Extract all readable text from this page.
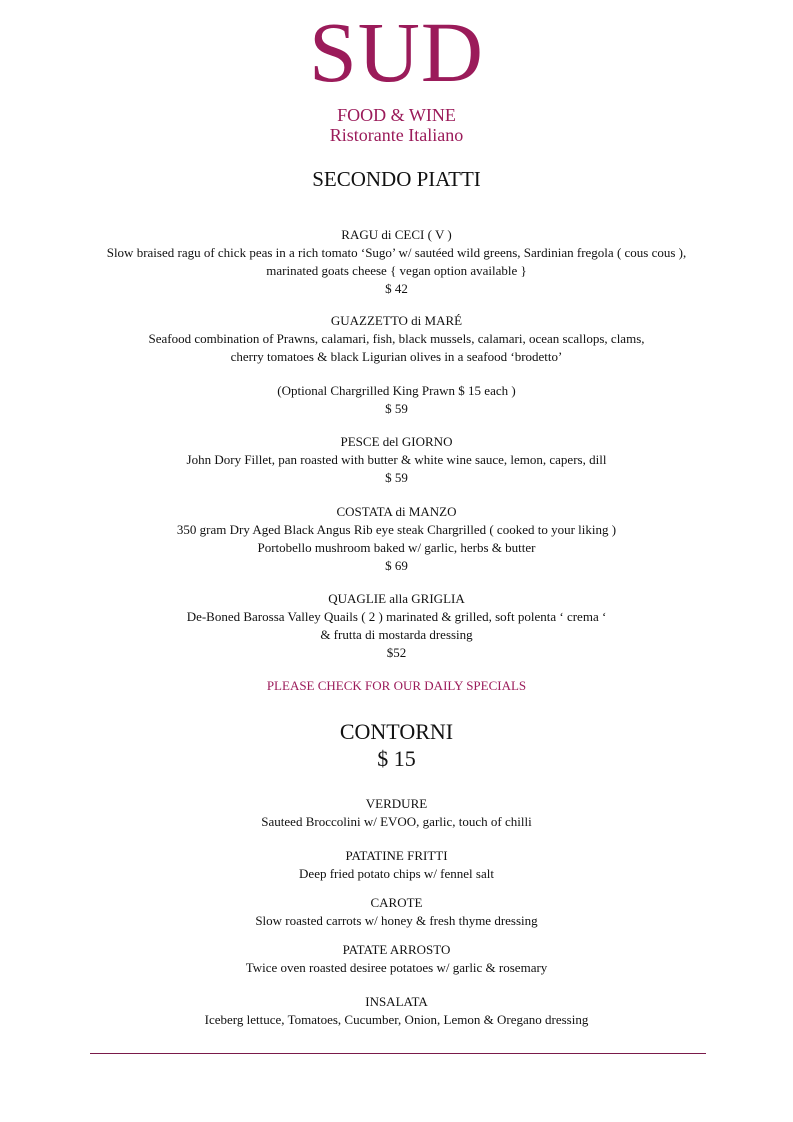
SUD
FOOD & WINE
Ristorante Italiano
SECONDO PIATTI
RAGU di CECI ( V )
Slow braised ragu of chick peas in a rich tomato ‘Sugo’ w/ sautéed wild greens, Sardinian fregola ( cous cous ),
marinated goats cheese { vegan option available }
$ 42
GUAZZETTO di MARÉ
Seafood combination of Prawns, calamari, fish, black mussels, calamari, ocean scallops, clams,
cherry tomatoes & black Ligurian olives in a seafood ‘brodetto’
(Optional Chargrilled King Prawn $ 15 each )
$ 59
PESCE del GIORNO
John Dory Fillet, pan roasted with butter & white wine sauce, lemon, capers, dill
$ 59
COSTATA di MANZO
350 gram Dry Aged Black Angus Rib eye steak Chargrilled ( cooked to your liking )
Portobello mushroom baked w/ garlic, herbs & butter
$ 69
QUAGLIE alla GRIGLIA
De-Boned Barossa Valley Quails ( 2 ) marinated & grilled, soft polenta ‘ crema ‘
& frutta di mostarda dressing
$52
PLEASE CHECK FOR OUR DAILY SPECIALS
CONTORNI
$ 15
VERDURE
Sauteed Broccolini w/ EVOO, garlic, touch of chilli
PATATINE FRITTI
Deep fried potato chips w/ fennel salt
CAROTE
Slow roasted carrots w/ honey & fresh thyme dressing
PATATE ARROSTO
Twice oven roasted desiree potatoes w/ garlic & rosemary
INSALATA
Iceberg lettuce, Tomatoes, Cucumber, Onion, Lemon & Oregano dressing
